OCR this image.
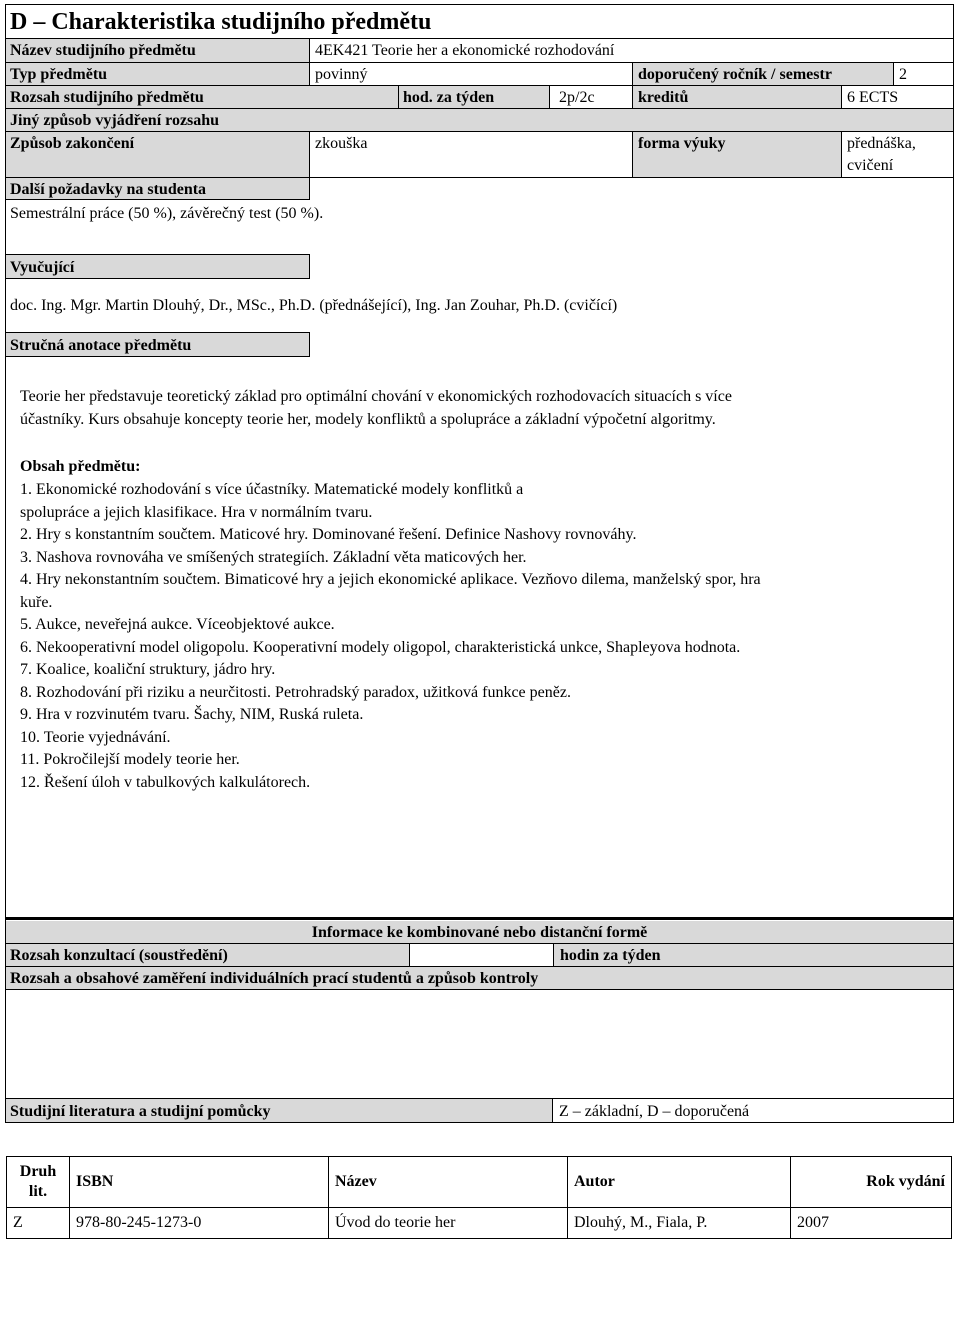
D – Charakteristika studijního předmětu
Název studijního předmětu	4EK421 Teorie her a ekonomické rozhodování
Typ předmětu	povinný	doporučený ročník / semestr	2
Rozsah studijního předmětu	hod. za týden	2p/2c	kreditů	6 ECTS
Jiný způsob vyjádření rozsahu
Způsob zakončení	zkouška	forma výuky	přednáška,
cvičení
Další požadavky na studenta
Semestrální práce (50 %), závěrečný test (50 %).
Vyučující
doc. Ing. Mgr. Martin Dlouhý, Dr., MSc., Ph.D. (přednášející), Ing. Jan Zouhar, Ph.D. (cvičící)
Stručná anotace předmětu
Teorie her představuje teoretický základ pro optimální chování v ekonomických rozhodovacích situacích s více
účastníky. Kurs obsahuje koncepty teorie her, modely konfliktů a spolupráce a základní výpočetní algoritmy.
Obsah předmětu:
1. Ekonomické rozhodování s více účastníky. Matematické modely konflitků a
spolupráce a jejich klasifikace. Hra v normálním tvaru.
2. Hry s konstantním součtem. Maticové hry. Dominované řešení. Definice Nashovy rovnováhy.
3. Nashova rovnováha ve smíšených strategiích. Základní věta maticových her.
4. Hry nekonstantním součtem. Bimaticové hry a jejich ekonomické aplikace. Vezňovo dilema, manželský spor, hra
kuře.
5. Aukce, neveřejná aukce. Víceobjektové aukce.
6. Nekooperativní model oligopolu. Kooperativní modely oligopol, charakteristická unkce, Shapleyova hodnota.
7. Koalice, koaliční struktury, jádro hry.
8. Rozhodování při riziku a neurčitosti. Petrohradský paradox, užitková funkce peněz.
9. Hra v rozvinutém tvaru. Šachy, NIM, Ruská ruleta.
10. Teorie vyjednávání.
11. Pokročilejší modely teorie her.
12. Řešení úloh v tabulkových kalkulátorech.
Informace ke kombinované nebo distanční formě
Rozsah konzultací (soustředění)	hodin za týden
Rozsah a obsahové zaměření individuálních prací studentů a způsob kontroly
Studijní literatura a studijní pomůcky	Z – základní, D – doporučená
Druh
lit.	ISBN	Název	Autor	Rok vydání
Z	978-80-245-1273-0	Úvod do teorie her	Dlouhý, M., Fiala, P.	2007
